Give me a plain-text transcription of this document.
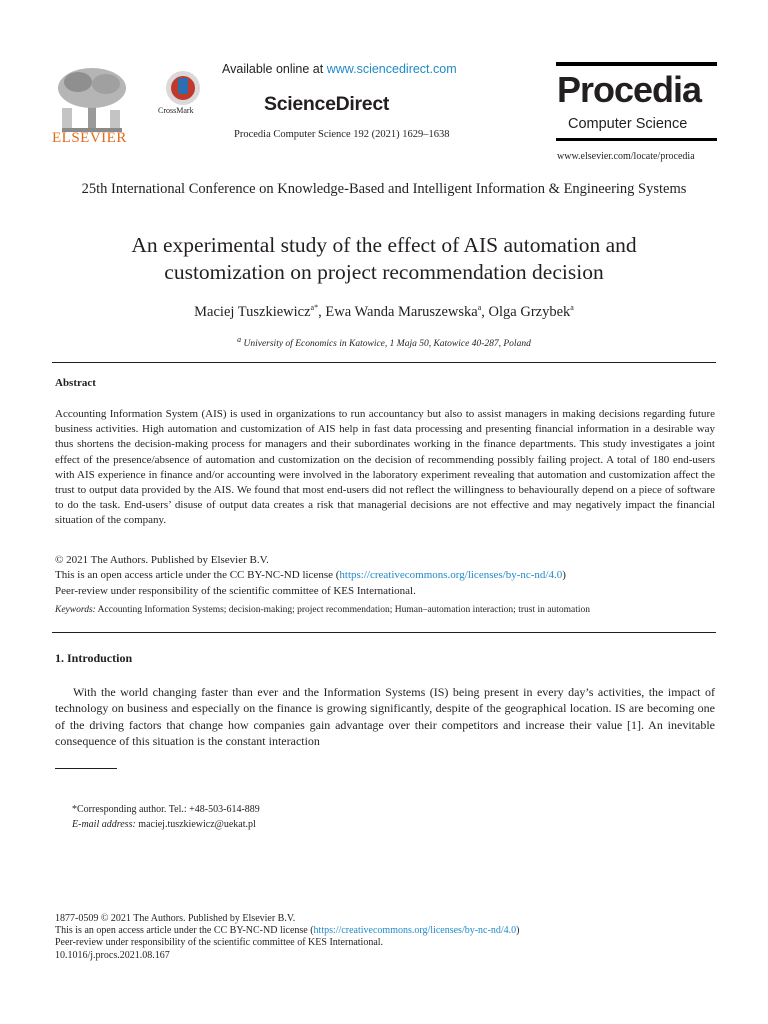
ELSEVIER
CrossMark
Available online at www.sciencedirect.com
ScienceDirect
Procedia Computer Science 192 (2021) 1629–1638
Procedia
Computer Science
www.elsevier.com/locate/procedia
25th International Conference on Knowledge-Based and Intelligent Information & Engineering Systems
An experimental study of the effect of AIS automation and
customization on project recommendation decision
Maciej Tuszkiewicz$^{a*}$, Ewa Wanda Maruszewska$^a$, Olga Grzybek$^a$
$^a$ University of Economics in Katowice, 1 Maja 50, Katowice 40-287, Poland
Abstract
Accounting Information System (AIS) is used in organizations to run accountancy but also to assist managers in making decisions regarding future business activities. High automation and customization of AIS help in fast data processing and presenting financial information in a desirable way thus shortens the decision-making process for managers and their subordinates working in the finance departments. This study investigates a joint effect of the presence/absence of automation and customization on the decision of recommending possibly failing project. A total of 180 end-users with AIS experience in finance and/or accounting were involved in the laboratory experiment revealing that automation and customization affect the trust to output data provided by the AIS. We found that most end-users did not reflect the willingness to behaviourally depend on a piece of software to do the task. End-users’ disuse of output data creates a risk that managerial decisions are not effective and may negatively impact the financial situation of the company.
© 2021 The Authors. Published by Elsevier B.V.
This is an open access article under the CC BY-NC-ND license (https://creativecommons.org/licenses/by-nc-nd/4.0)
Peer-review under responsibility of the scientific committee of KES International.
Keywords: Accounting Information Systems; decision-making; project recommendation; Human–automation interaction; trust in automation
1. Introduction
With the world changing faster than ever and the Information Systems (IS) being present in every day’s activities, the impact of technology on business and especially on the finance is growing significantly, despite of the geographical location. IS are becoming one of the driving factors that change how companies gain advantage over their competitors and increase their value [1]. An inevitable consequence of this situation is the constant interaction
*Corresponding author. Tel.: +48-503-614-889
E-mail address: maciej.tuszkiewicz@uekat.pl
1877-0509 © 2021 The Authors. Published by Elsevier B.V.
This is an open access article under the CC BY-NC-ND license (https://creativecommons.org/licenses/by-nc-nd/4.0)
Peer-review under responsibility of the scientific committee of KES International.
10.1016/j.procs.2021.08.167
